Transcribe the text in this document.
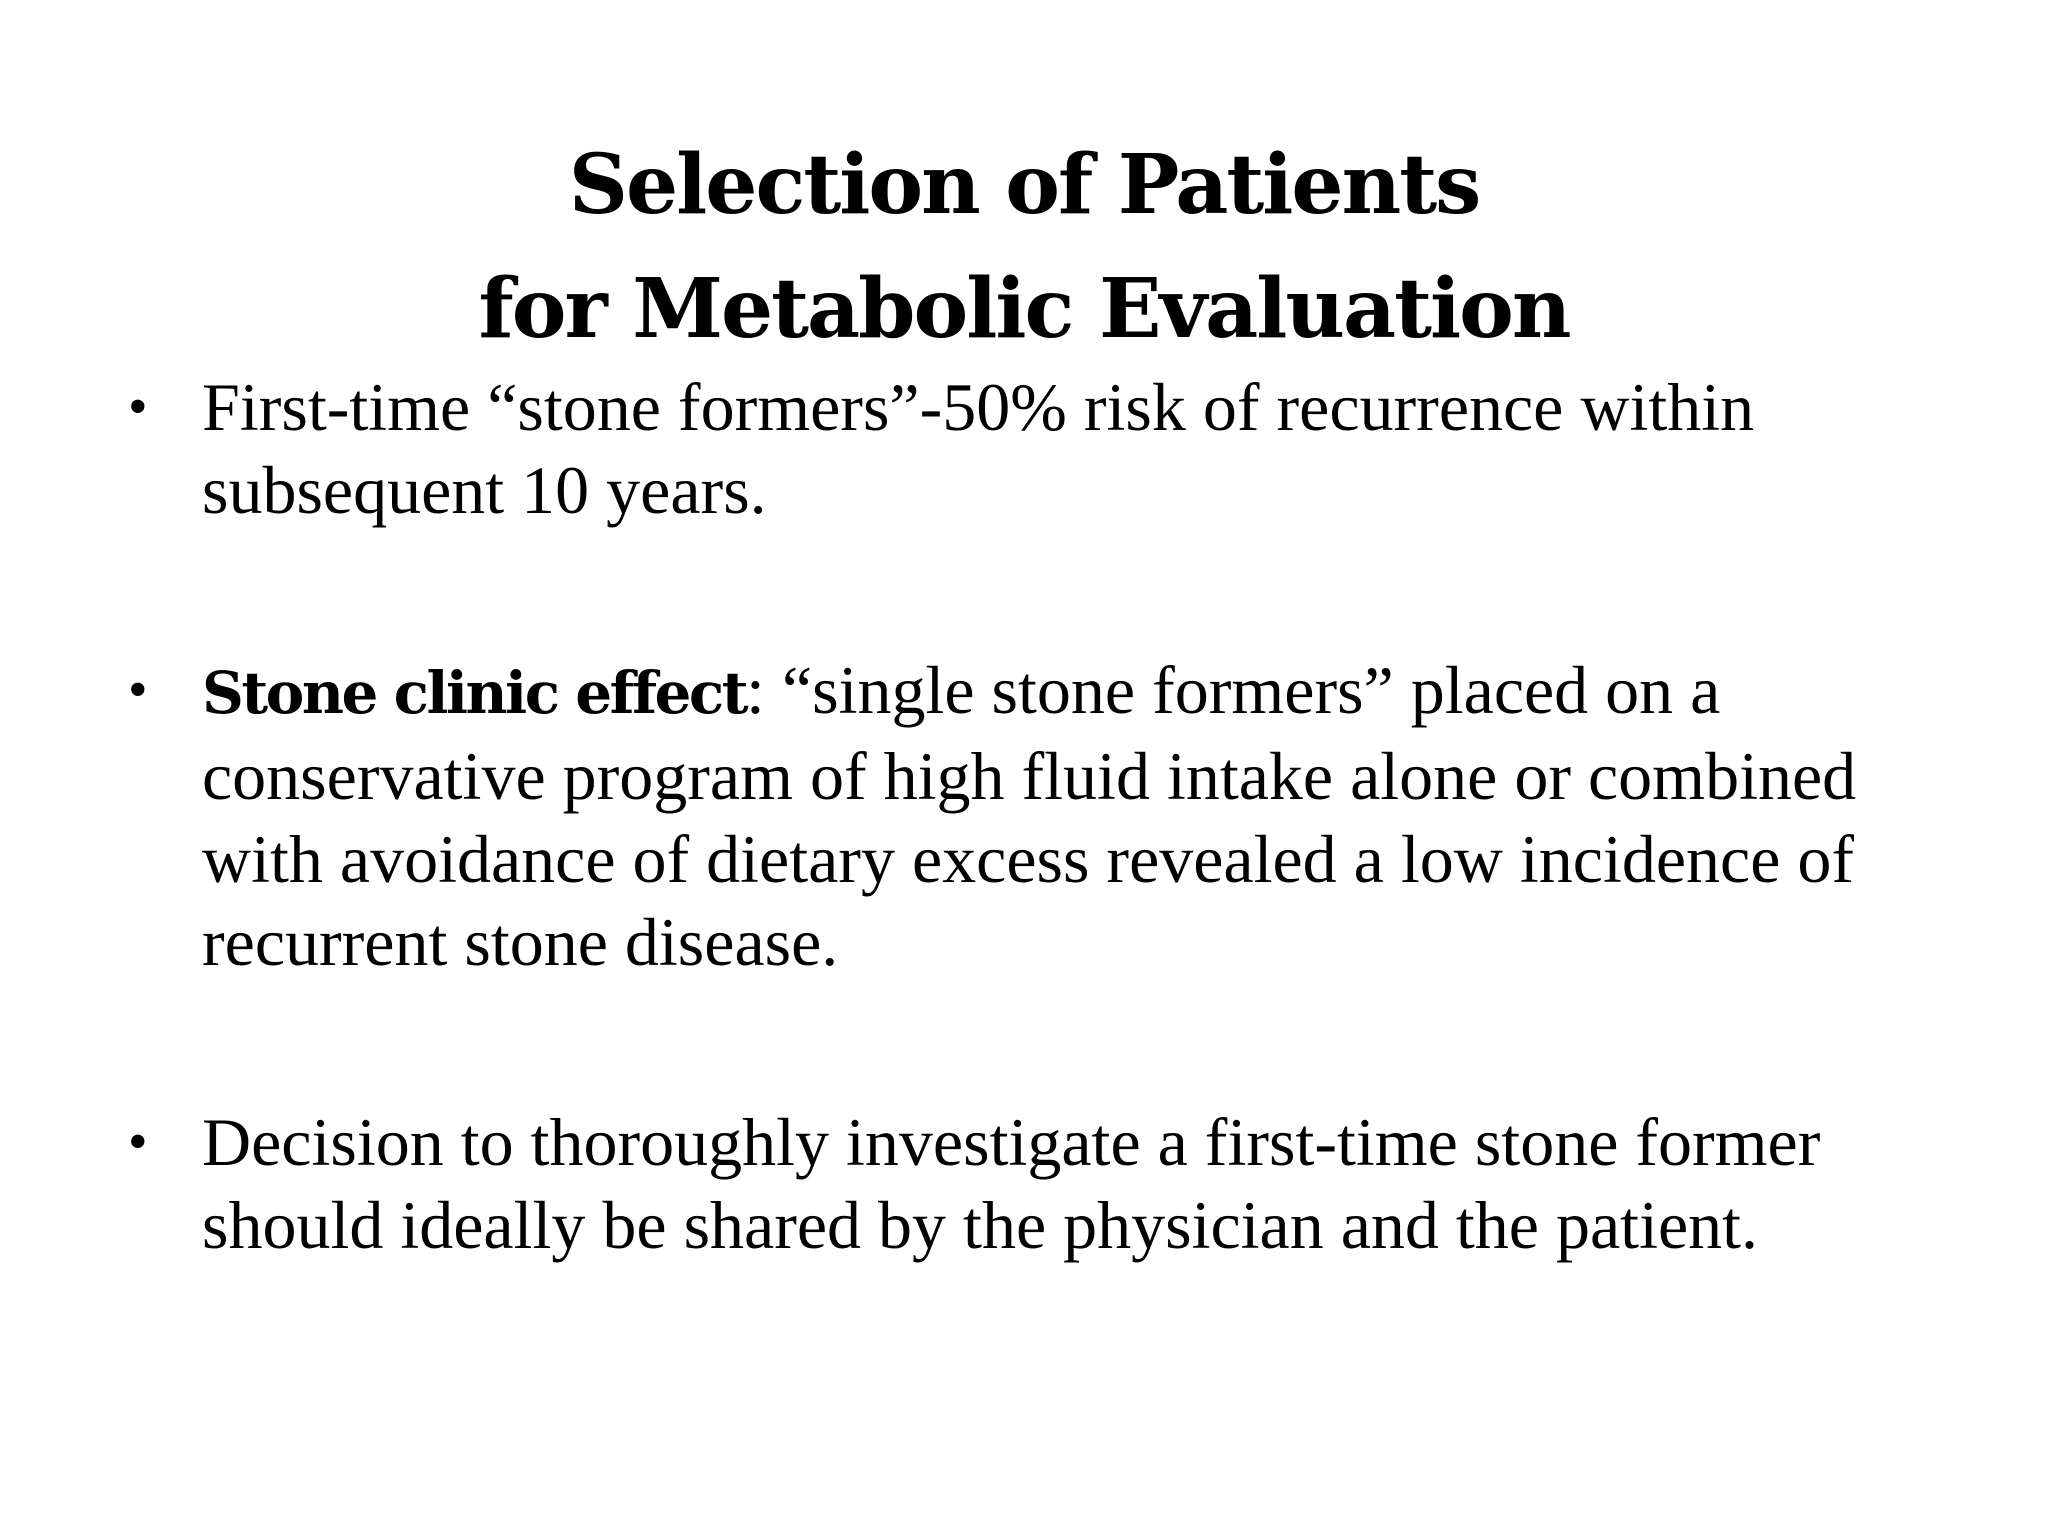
Selection of Patients
for Metabolic Evaluation
• First-time “stone formers”-50% risk of recurrence within subsequent 10 years.
• Stone clinic effect: “single stone formers” placed on a conservative program of high fluid intake alone or combined with avoidance of dietary excess revealed a low incidence of recurrent stone disease.
• Decision to thoroughly investigate a first-time stone former should ideally be shared by the physician and the patient.
